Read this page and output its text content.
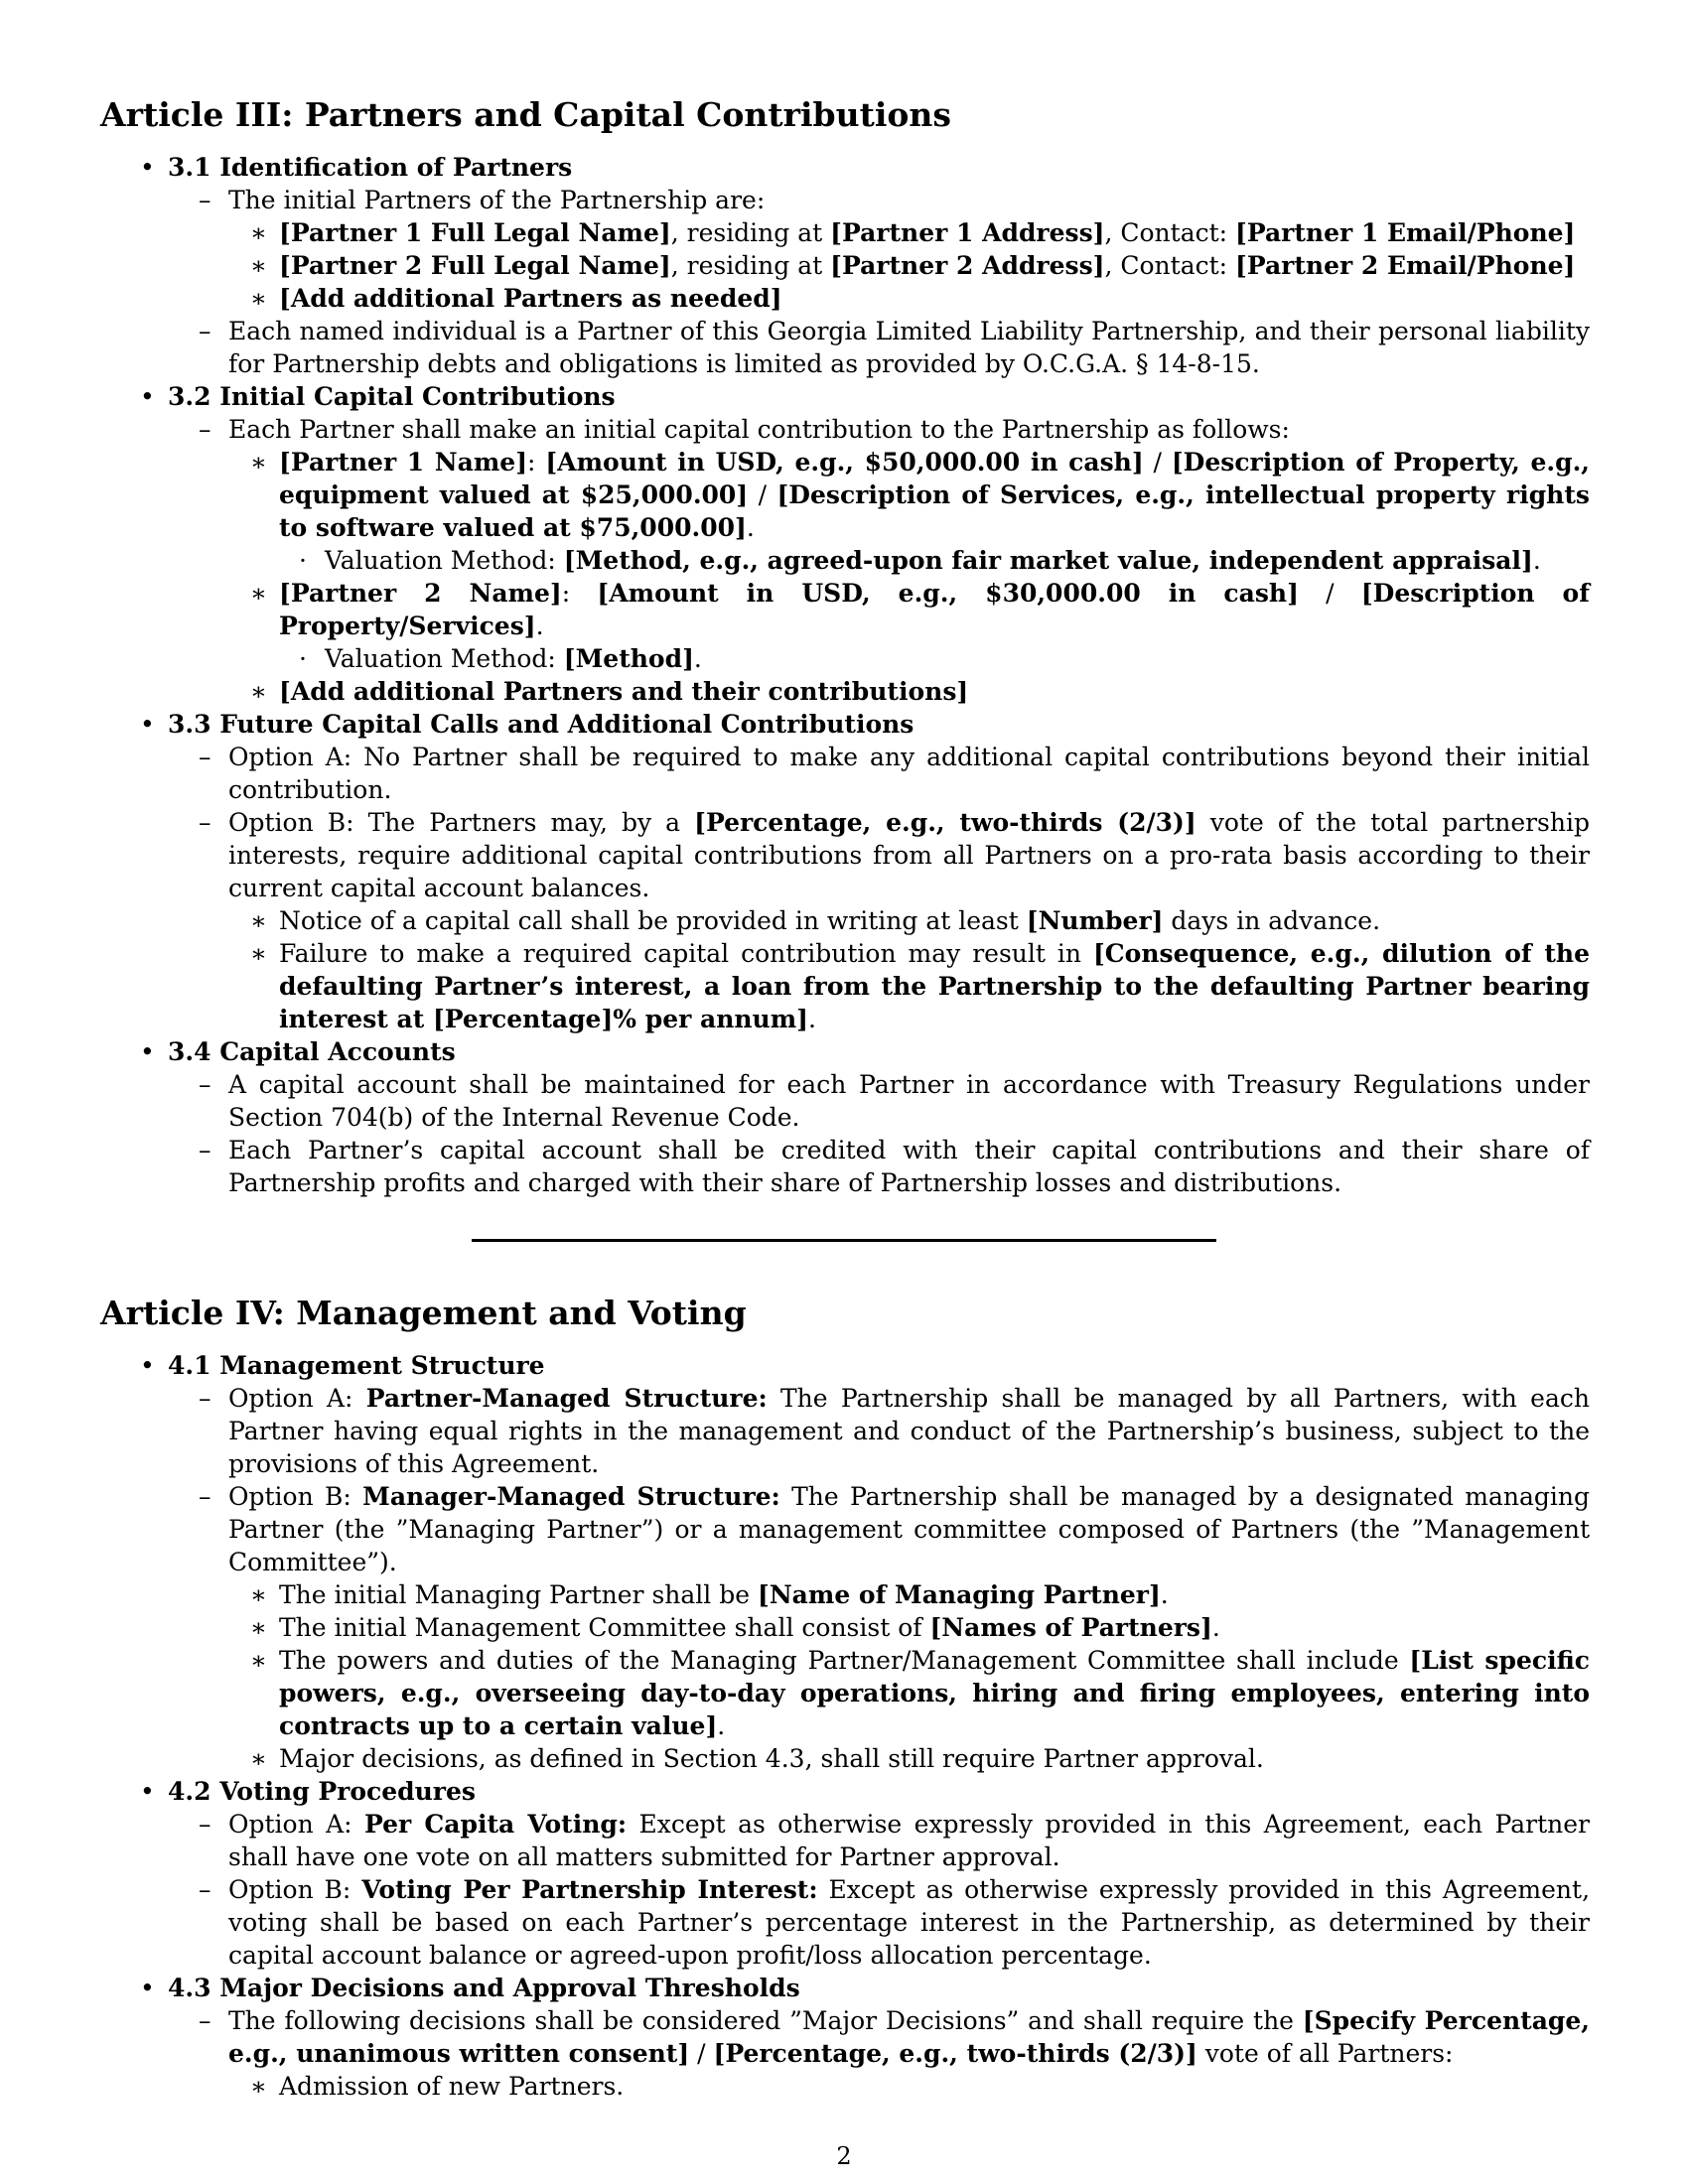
Article III: Partners and Capital Contributions
• 3.1 Identification of Partners
– The initial Partners of the Partnership are:
∗ [Partner 1 Full Legal Name], residing at [Partner 1 Address], Contact: [Partner 1 Email/Phone]
∗ [Partner 2 Full Legal Name], residing at [Partner 2 Address], Contact: [Partner 2 Email/Phone]
∗ [Add additional Partners as needed]
– Each named individual is a Partner of this Georgia Limited Liability Partnership, and their personal liability for Partnership debts and obligations is limited as provided by O.C.G.A. § 14-8-15.
• 3.2 Initial Capital Contributions
– Each Partner shall make an initial capital contribution to the Partnership as follows:
∗ [Partner 1 Name]: [Amount in USD, e.g., $50,000.00 in cash] / [Description of Property, e.g., equipment valued at $25,000.00] / [Description of Services, e.g., intellectual property rights to software valued at $75,000.00].
· Valuation Method: [Method, e.g., agreed-upon fair market value, independent appraisal].
∗ [Partner 2 Name]: [Amount in USD, e.g., $30,000.00 in cash] / [Description of Property/Services].
· Valuation Method: [Method].
∗ [Add additional Partners and their contributions]
• 3.3 Future Capital Calls and Additional Contributions
– Option A: No Partner shall be required to make any additional capital contributions beyond their initial contribution.
– Option B: The Partners may, by a [Percentage, e.g., two-thirds (2/3)] vote of the total partnership interests, require additional capital contributions from all Partners on a pro-rata basis according to their current capital account balances.
∗ Notice of a capital call shall be provided in writing at least [Number] days in advance.
∗ Failure to make a required capital contribution may result in [Consequence, e.g., dilution of the defaulting Partner’s interest, a loan from the Partnership to the defaulting Partner bearing interest at [Percentage]% per annum].
• 3.4 Capital Accounts
– A capital account shall be maintained for each Partner in accordance with Treasury Regulations under Section 704(b) of the Internal Revenue Code.
– Each Partner’s capital account shall be credited with their capital contributions and their share of Partnership profits and charged with their share of Partnership losses and distributions.
Article IV: Management and Voting
• 4.1 Management Structure
– Option A: Partner-Managed Structure: The Partnership shall be managed by all Partners, with each Partner having equal rights in the management and conduct of the Partnership’s business, subject to the provisions of this Agreement.
– Option B: Manager-Managed Structure: The Partnership shall be managed by a designated managing Partner (the ”Managing Partner”) or a management committee composed of Partners (the ”Management Committee”).
∗ The initial Managing Partner shall be [Name of Managing Partner].
∗ The initial Management Committee shall consist of [Names of Partners].
∗ The powers and duties of the Managing Partner/Management Committee shall include [List specific powers, e.g., overseeing day-to-day operations, hiring and firing employees, entering into contracts up to a certain value].
∗ Major decisions, as defined in Section 4.3, shall still require Partner approval.
• 4.2 Voting Procedures
– Option A: Per Capita Voting: Except as otherwise expressly provided in this Agreement, each Partner shall have one vote on all matters submitted for Partner approval.
– Option B: Voting Per Partnership Interest: Except as otherwise expressly provided in this Agreement, voting shall be based on each Partner’s percentage interest in the Partnership, as determined by their capital account balance or agreed-upon profit/loss allocation percentage.
• 4.3 Major Decisions and Approval Thresholds
– The following decisions shall be considered ”Major Decisions” and shall require the [Specify Percentage, e.g., unanimous written consent] / [Percentage, e.g., two-thirds (2/3)] vote of all Partners:
∗ Admission of new Partners.
2
